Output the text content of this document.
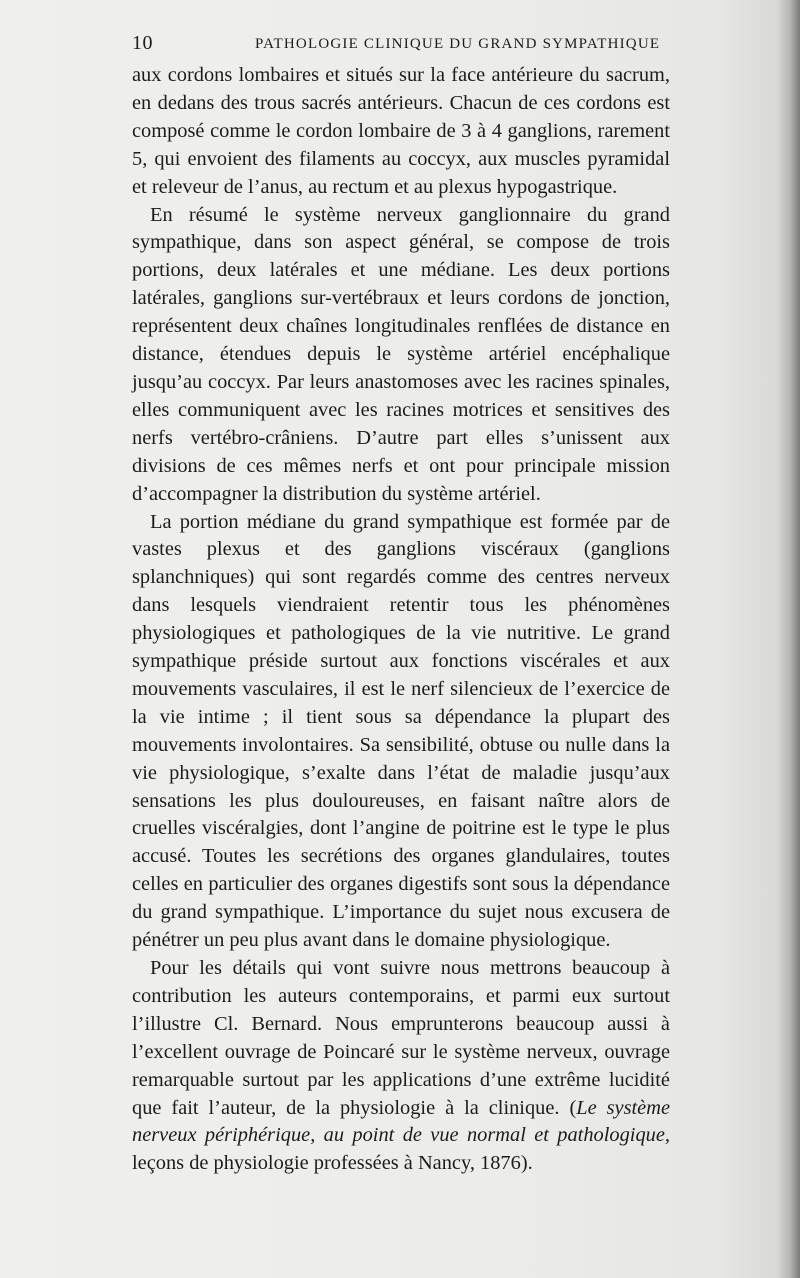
10	PATHOLOGIE CLINIQUE DU GRAND SYMPATHIQUE

aux cordons lombaires et situés sur la face antérieure du sacrum, en dedans des trous sacrés antérieurs. Chacun de ces cordons est composé comme le cordon lombaire de 3 à 4 ganglions, rarement 5, qui envoient des filaments au coccyx, aux muscles pyramidal et releveur de l’anus, au rectum et au plexus hypogastrique.

En résumé le système nerveux ganglionnaire du grand sympathique, dans son aspect général, se compose de trois portions, deux latérales et une médiane. Les deux portions latérales, ganglions sur-vertébraux et leurs cordons de jonction, représentent deux chaînes longitudinales renflées de distance en distance, étendues depuis le système artériel encéphalique jusqu’au coccyx. Par leurs anastomoses avec les racines spinales, elles communiquent avec les racines motrices et sensitives des nerfs vertébro-crâniens. D’autre part elles s’unissent aux divisions de ces mêmes nerfs et ont pour principale mission d’accompagner la distribution du système artériel.

La portion médiane du grand sympathique est formée par de vastes plexus et des ganglions viscéraux (ganglions splanchniques) qui sont regardés comme des centres nerveux dans lesquels viendraient retentir tous les phénomènes physiologiques et pathologiques de la vie nutritive. Le grand sympathique préside surtout aux fonctions viscérales et aux mouvements vasculaires, il est le nerf silencieux de l’exercice de la vie intime ; il tient sous sa dépendance la plupart des mouvements involontaires. Sa sensibilité, obtuse ou nulle dans la vie physiologique, s’exalte dans l’état de maladie jusqu’aux sensations les plus douloureuses, en faisant naître alors de cruelles viscéralgies, dont l’angine de poitrine est le type le plus accusé. Toutes les secrétions des organes glandulaires, toutes celles en particulier des organes digestifs sont sous la dépendance du grand sympathique. L’importance du sujet nous excusera de pénétrer un peu plus avant dans le domaine physiologique.

Pour les détails qui vont suivre nous mettrons beaucoup à contribution les auteurs contemporains, et parmi eux surtout l’illustre Cl. Bernard. Nous emprunterons beaucoup aussi à l’excellent ouvrage de Poincaré sur le système nerveux, ouvrage remarquable surtout par les applications d’une extrême lucidité que fait l’auteur, de la physiologie à la clinique. (Le système nerveux périphérique, au point de vue normal et pathologique, leçons de physiologie professées à Nancy, 1876).
